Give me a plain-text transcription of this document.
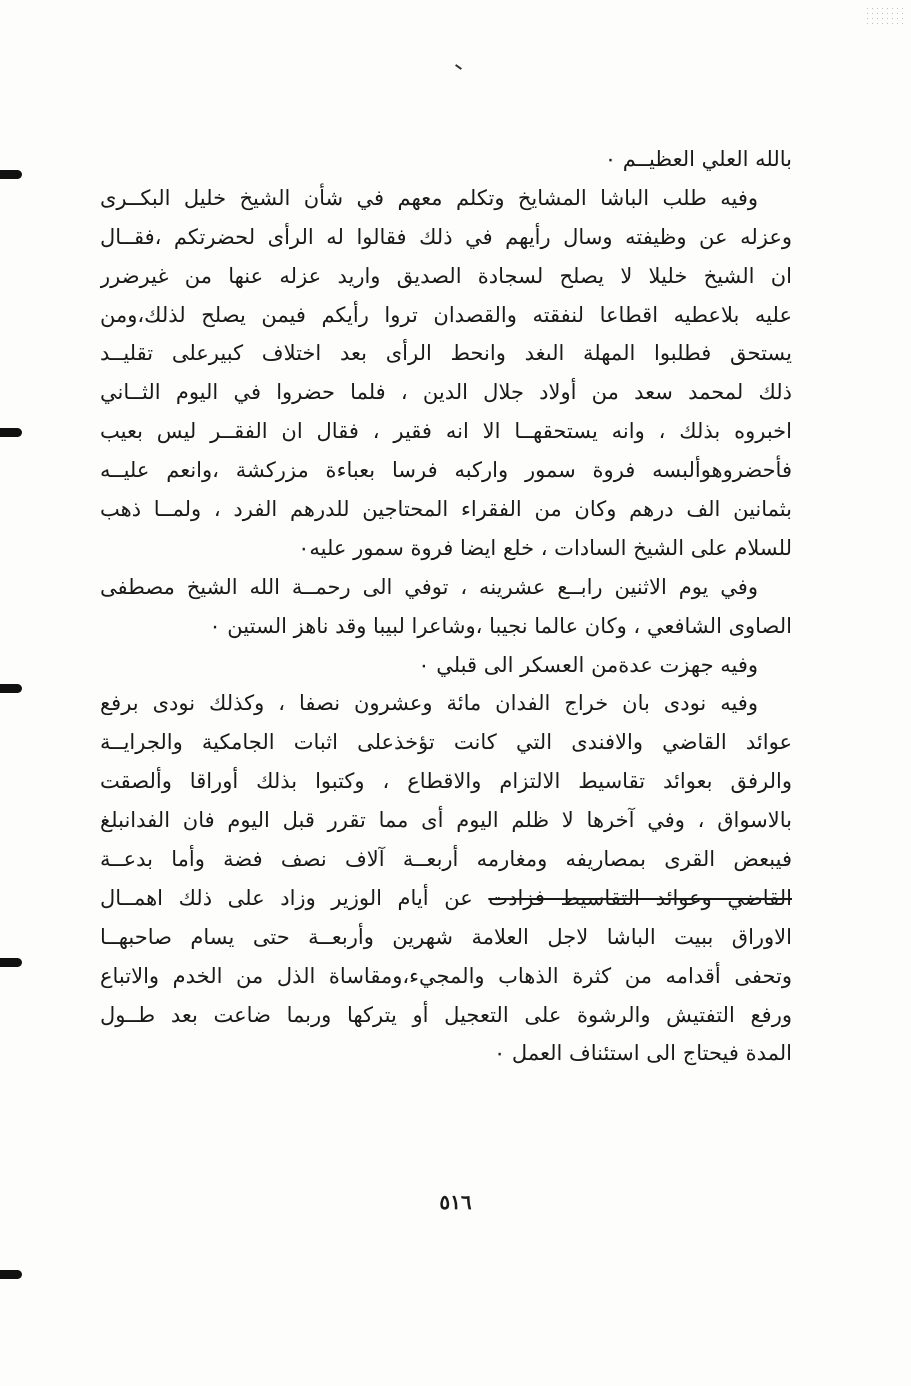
بالله العلي العظيــم ٠
وفيه طلب الباشا المشايخ وتكلم معهم في شأن الشيخ خليل البكــرى
وعزله عن وظيفته وسال رأيهم في ذلك فقالوا له الرأى لحضرتكم ،فقــال
ان الشيخ خليلا لا يصلح لسجادة الصديق واريد عزله عنها من غيرضرر
عليه بلاعطيه اقطاعا لنفقته والقصدان تروا رأيكم فيمن يصلح لذلك،ومن
يستحق فطلبوا المهلة الىغد وانحط الرأى بعد اختلاف كبيرعلى تقليــد
ذلك لمحمد سعد من أولاد جلال الدين ، فلما حضروا في اليوم الثــاني
اخبروه بذلك ، وانه يستحقهــا الا انه فقير ، فقال ان الفقــر ليس بعيب
فأحضروهوألبسه فروة سمور واركبه فرسا بعباءة مزركشة ،وانعم عليــه
بثمانين الف درهم وكان من الفقراء المحتاجين للدرهم الفرد ، ولمــا ذهب
للسلام على الشيخ السادات ، خلع ايضا فروة سمور عليه٠
وفي يوم الاثنين رابــع عشرينه ، توفي الى رحمــة الله الشيخ مصطفى
الصاوى الشافعي ، وكان عالما نجيبا ،وشاعرا لبيبا وقد ناهز الستين ٠
وفيه جهزت عدةمن العسكر الى قبلي ٠
وفيه نودى بان خراج الفدان مائة وعشرون نصفا ، وكذلك نودى برفع
عوائد القاضي والافندى التي كانت تؤخذعلى اثبات الجامكية والجرايــة
والرفق بعوائد تقاسيط الالتزام والاقطاع ، وكتبوا بذلك أوراقا وألصقت
بالاسواق ، وفي آخرها لا ظلم اليوم أى مما تقرر قبل اليوم فان الفدانبلغ
فيبعض القرى بمصاريفه ومغارمه أربعــة آلاف نصف فضة وأما بدعــة
القاضي وعوائد التقاسيط فزادت عن أيام الوزير وزاد على ذلك اهمــال
الاوراق ببيت الباشا لاجل العلامة شهرين وأربعــة حتى يسام صاحبهــا
وتحفى أقدامه من كثرة الذهاب والمجيء،ومقاساة الذل من الخدم والاتباع
ورفع التفتيش والرشوة على التعجيل أو يتركها وربما ضاعت بعد طــول
المدة فيحتاج الى استئناف العمل ٠
٥١٦
